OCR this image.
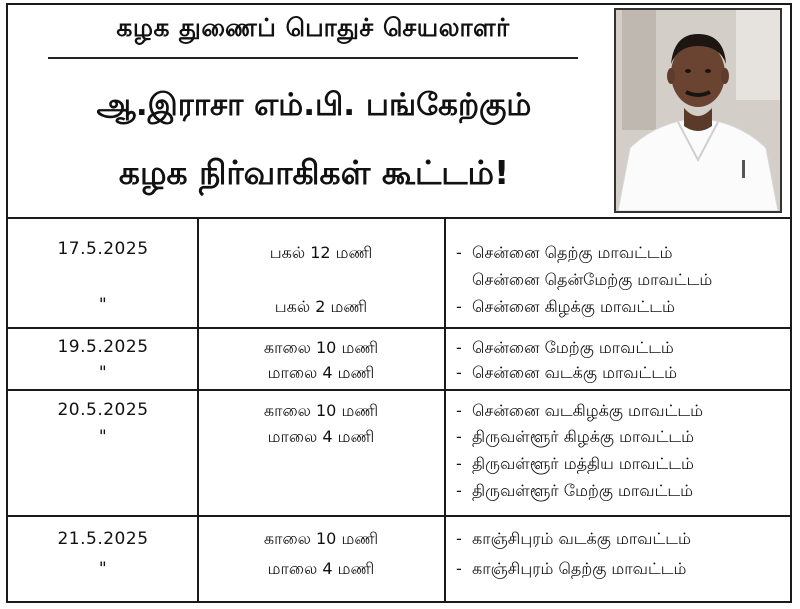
கழக துணைப் பொதுச் செயலாளர்
ஆ.இராசா எம்.பி. பங்கேற்கும்
கழக நிர்வாகிகள் கூட்டம்!
17.5.2025
"
பகல் 12 மணி
பகல் 2 மணி
- சென்னை தெற்கு மாவட்டம்
சென்னை தென்மேற்கு மாவட்டம்
- சென்னை கிழக்கு மாவட்டம்
19.5.2025
"
காலை 10 மணி
மாலை 4 மணி
- சென்னை மேற்கு மாவட்டம்
- சென்னை வடக்கு மாவட்டம்
20.5.2025
"
காலை 10 மணி
மாலை 4 மணி
- சென்னை வடகிழக்கு மாவட்டம்
- திருவள்ளூர் கிழக்கு மாவட்டம்
- திருவள்ளூர் மத்திய மாவட்டம்
- திருவள்ளூர் மேற்கு மாவட்டம்
21.5.2025
"
காலை 10 மணி
மாலை 4 மணி
- காஞ்சிபுரம் வடக்கு மாவட்டம்
- காஞ்சிபுரம் தெற்கு மாவட்டம்
